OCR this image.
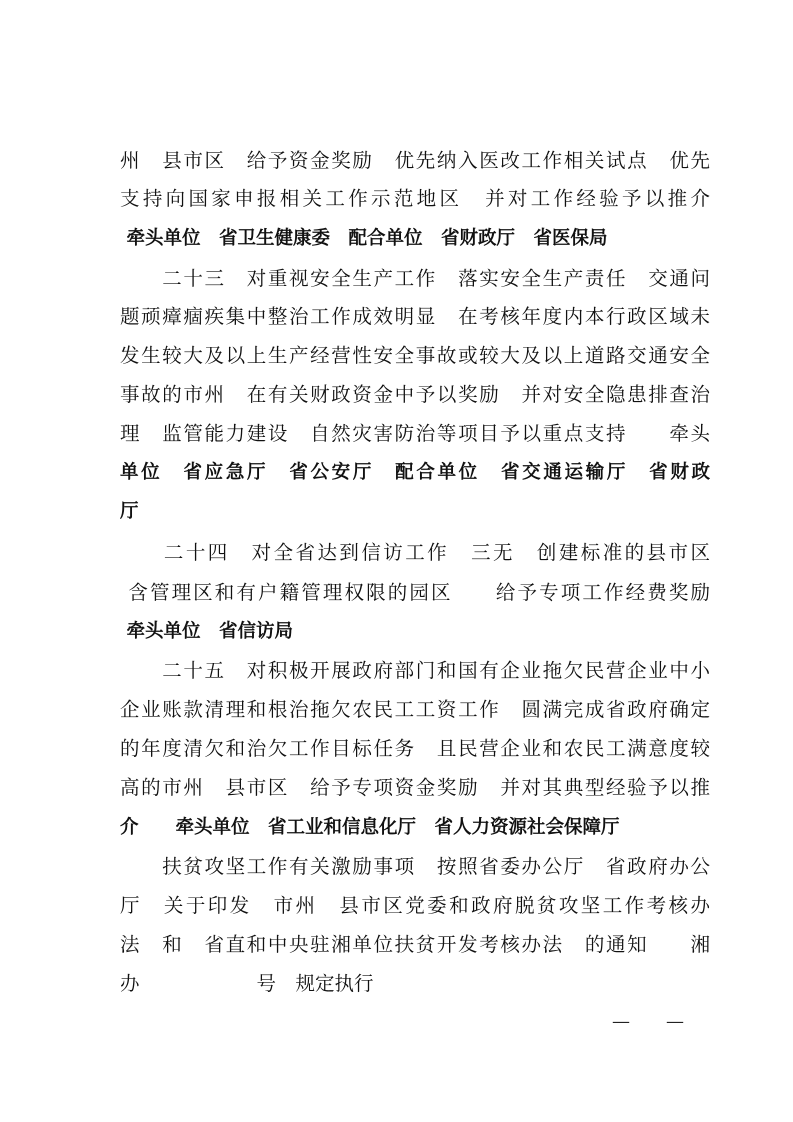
州　县市区　给予资金奖励　优先纳入医改工作相关试点　优先
支持向国家申报相关工作示范地区　并对工作经验予以推介
牵头单位　省卫生健康委　配合单位　省财政厅　省医保局
　　二十三　对重视安全生产工作　落实安全生产责任　交通问
题顽瘴痼疾集中整治工作成效明显　在考核年度内本行政区域未
发生较大及以上生产经营性安全事故或较大及以上道路交通安全
事故的市州　在有关财政资金中予以奖励　并对安全隐患排查治
理　监管能力建设　自然灾害防治等项目予以重点支持　　牵头
单位　省应急厅　省公安厅　配合单位　省交通运输厅　省财政
厅
　　二十四　对全省达到信访工作　三无　创建标准的县市区
含管理区和有户籍管理权限的园区　　给予专项工作经费奖励
牵头单位　省信访局
　　二十五　对积极开展政府部门和国有企业拖欠民营企业中小
企业账款清理和根治拖欠农民工工资工作　圆满完成省政府确定
的年度清欠和治欠工作目标任务　且民营企业和农民工满意度较
高的市州　县市区　给予专项资金奖励　并对其典型经验予以推
介　　牵头单位　省工业和信息化厅　省人力资源社会保障厅
　　扶贫攻坚工作有关激励事项　按照省委办公厅　省政府办公
厅　关于印发　市州　县市区党委和政府脱贫攻坚工作考核办
法　和　省直和中央驻湘单位扶贫开发考核办法　的通知　　湘
办　　　　　　号　规定执行
—　　—
